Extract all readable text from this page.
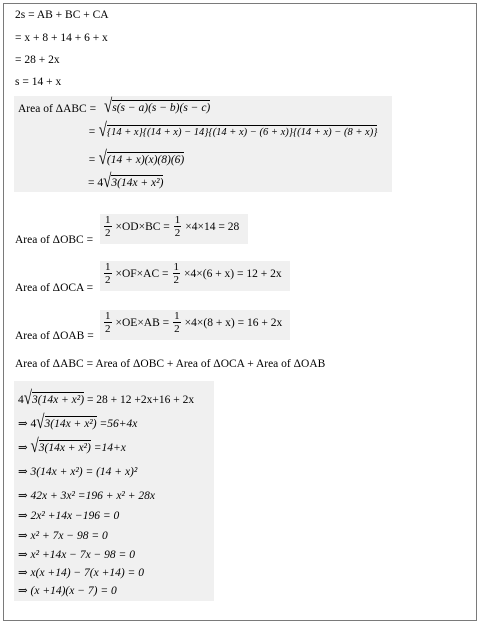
2s = AB + BC + CA
= x + 8 + 14 + 6 + x
= 28 + 2x
s = 14 + x
Area of ΔABC = √s(s − a)(s − b)(s − c)
= √{14 + x}{(14 + x) − 14}{(14 + x) − (6 + x)}{(14 + x) − (8 + x)}
= √(14 + x)(x)(8)(6)
= 4√3(14x + x²)
Area of ΔOBC =
$\frac{1}{2} \times OD\times BC = \frac{1}{2} \times 4\times 14 = 28$
Area of ΔOCA =
$\frac{1}{2} \times OF\times AC = \frac{1}{2} \times 4\times(6 + x) = 12 + 2x$
Area of ΔOAB =
$\frac{1}{2} \times OE\times AB = \frac{1}{2} \times 4\times(8 + x) = 16 + 2x$
Area of ΔABC = Area of ΔOBC + Area of ΔOCA + Area of ΔOAB
4√3(14x + x²) = 28 + 12 +2x+16 + 2x
⇒ 4√3(14x + x²) =56+4x
⇒ √3(14x + x²) =14+x
⇒ 3(14x + x²) = (14 + x)²
⇒ 42x + 3x² =196 + x² + 28x
⇒ 2x² +14x −196 = 0
⇒ x² + 7x − 98 = 0
⇒ x² +14x − 7x − 98 = 0
⇒ x(x +14) − 7(x +14) = 0
⇒ (x +14)(x − 7) = 0
